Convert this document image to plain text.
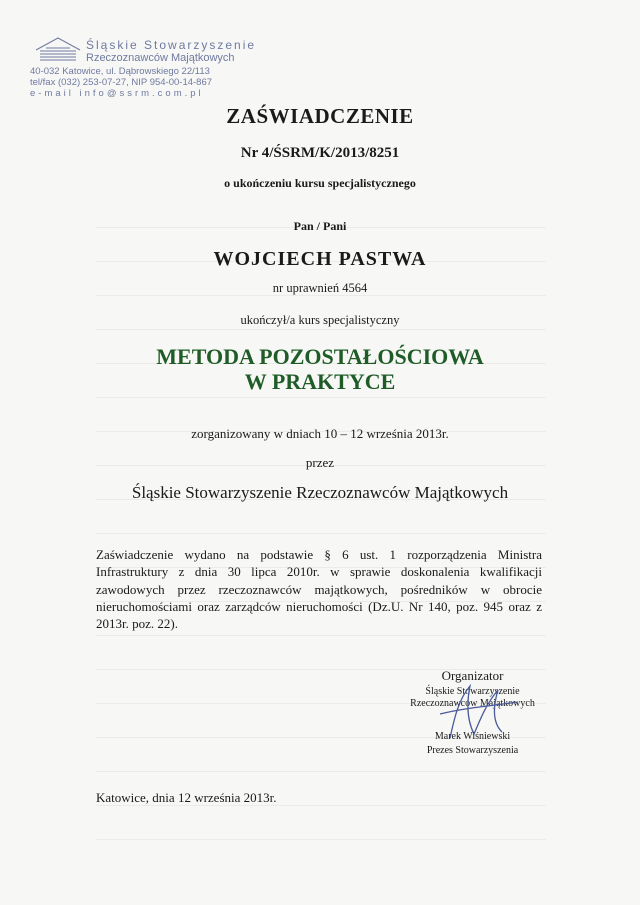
Śląskie Stowarzyszenie
Rzeczoznawców Majątkowych
40-032 Katowice, ul. Dąbrowskiego 22/113
tel/fax (032) 253-07-27, NIP 954-00-14-867
e-mail info@ssrm.com.pl
ZAŚWIADCZENIE
Nr 4/ŚSRM/K/2013/8251
o ukończeniu kursu specjalistycznego
Pan / Pani
WOJCIECH PASTWA
nr uprawnień 4564
ukończył/a kurs specjalistyczny
METODA POZOSTAŁOŚCIOWA
W PRAKTYCE
zorganizowany w dniach 10 – 12 września 2013r.
przez
Śląskie Stowarzyszenie Rzeczoznawców Majątkowych
Zaświadczenie wydano na podstawie § 6 ust. 1 rozporządzenia Ministra Infrastruktury z dnia 30 lipca 2010r. w sprawie doskonalenia kwalifikacji zawodowych przez rzeczoznawców majątkowych, pośredników w obrocie nieruchomościami oraz zarządców nieruchomości (Dz.U. Nr 140, poz. 945 oraz z 2013r. poz. 22).
Organizator
Śląskie Stowarzyszenie
Rzeczoznawców Majątkowych
Marek Wiśniewski
Prezes Stowarzyszenia
Katowice, dnia 12 września 2013r.
